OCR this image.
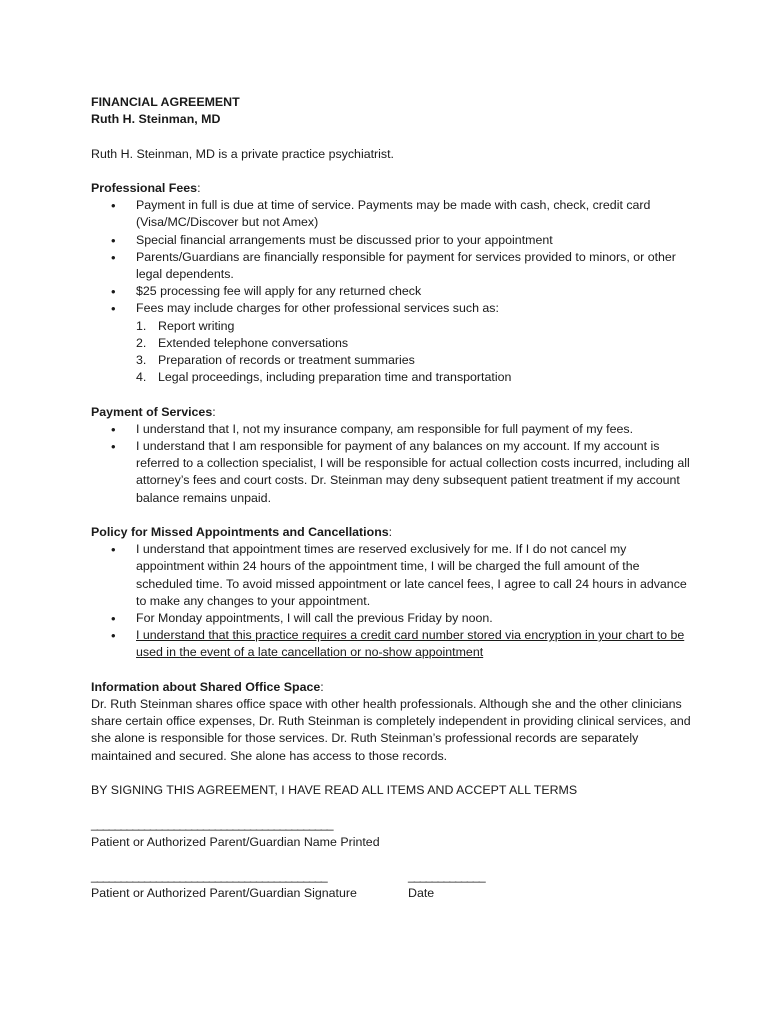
FINANCIAL AGREEMENT

Ruth H. Steinman, MD

Ruth H. Steinman, MD is a private practice psychiatrist.

Professional Fees:

• Payment in full is due at time of service. Payments may be made with cash, check, credit card (Visa/MC/Discover but not Amex)
• Special financial arrangements must be discussed prior to your appointment
• Parents/Guardians are financially responsible for payment for services provided to minors, or other legal dependents.
• $25 processing fee will apply for any returned check
• Fees may include charges for other professional services such as:
1. Report writing
2. Extended telephone conversations
3. Preparation of records or treatment summaries
4. Legal proceedings, including preparation time and transportation

Payment of Services:

• I understand that I, not my insurance company, am responsible for full payment of my fees.
• I understand that I am responsible for payment of any balances on my account. If my account is referred to a collection specialist, I will be responsible for actual collection costs incurred, including all attorney’s fees and court costs. Dr. Steinman may deny subsequent patient treatment if my account balance remains unpaid.

Policy for Missed Appointments and Cancellations:

• I understand that appointment times are reserved exclusively for me. If I do not cancel my appointment within 24 hours of the appointment time, I will be charged the full amount of the scheduled time. To avoid missed appointment or late cancel fees, I agree to call 24 hours in advance to make any changes to your appointment.
• For Monday appointments, I will call the previous Friday by noon.
• I understand that this practice requires a credit card number stored via encryption in your chart to be used in the event of a late cancellation or no-show appointment

Information about Shared Office Space:

Dr. Ruth Steinman shares office space with other health professionals. Although she and the other clinicians share certain office expenses, Dr. Ruth Steinman is completely independent in providing clinical services, and she alone is responsible for those services. Dr. Ruth Steinman’s professional records are separately maintained and secured. She alone has access to those records.

BY SIGNING THIS AGREEMENT, I HAVE READ ALL ITEMS AND ACCEPT ALL TERMS

_________________________________________

Patient or Authorized Parent/Guardian Name Printed

________________________________________	_____________

Patient or Authorized Parent/Guardian Signature	Date
